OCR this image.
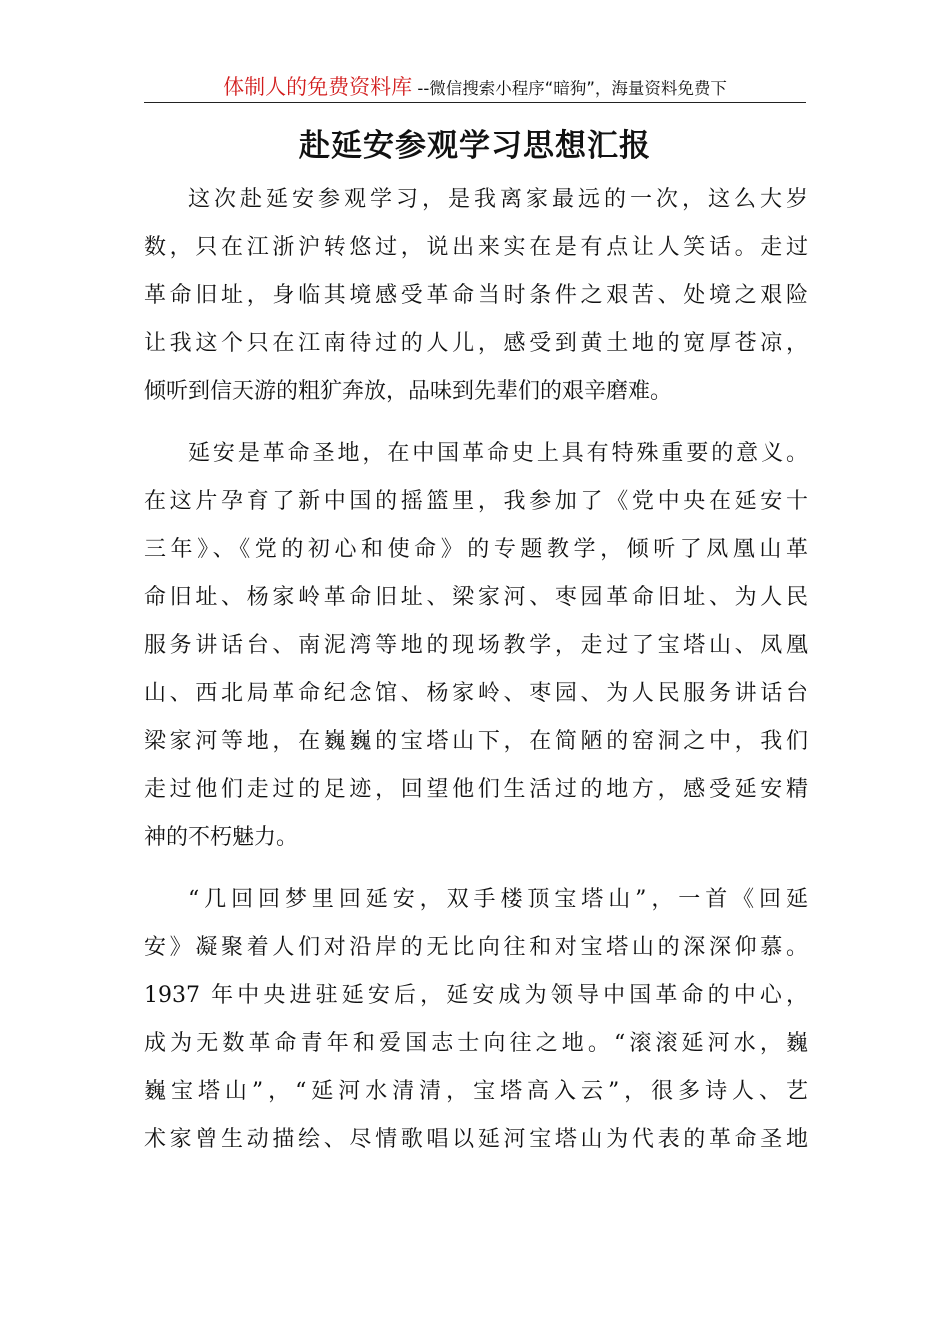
体制人的免费资料库 --微信搜索小程序“暗狗”，海量资料免费下
赴延安参观学习思想汇报
这次赴延安参观学习，是我离家最远的一次，这么大岁
数，只在江浙沪转悠过，说出来实在是有点让人笑话。走过
革命旧址，身临其境感受革命当时条件之艰苦、处境之艰险
让我这个只在江南待过的人儿，感受到黄土地的宽厚苍凉，
倾听到信天游的粗犷奔放，品味到先辈们的艰辛磨难。
延安是革命圣地，在中国革命史上具有特殊重要的意义。
在这片孕育了新中国的摇篮里，我参加了《党中央在延安十
三年》、《党的初心和使命》的专题教学，倾听了凤凰山革
命旧址、杨家岭革命旧址、梁家河、枣园革命旧址、为人民
服务讲话台、南泥湾等地的现场教学，走过了宝塔山、凤凰
山、西北局革命纪念馆、杨家岭、枣园、为人民服务讲话台
梁家河等地，在巍巍的宝塔山下，在简陋的窑洞之中，我们
走过他们走过的足迹，回望他们生活过的地方，感受延安精
神的不朽魅力。
“几回回梦里回延安，双手楼顶宝塔山”，一首《回延
安》凝聚着人们对沿岸的无比向往和对宝塔山的深深仰慕。
1937 年中央进驻延安后，延安成为领导中国革命的中心，
成为无数革命青年和爱国志士向往之地。“滚滚延河水，巍
巍宝塔山”，“延河水清清，宝塔高入云”，很多诗人、艺
术家曾生动描绘、尽情歌唱以延河宝塔山为代表的革命圣地
